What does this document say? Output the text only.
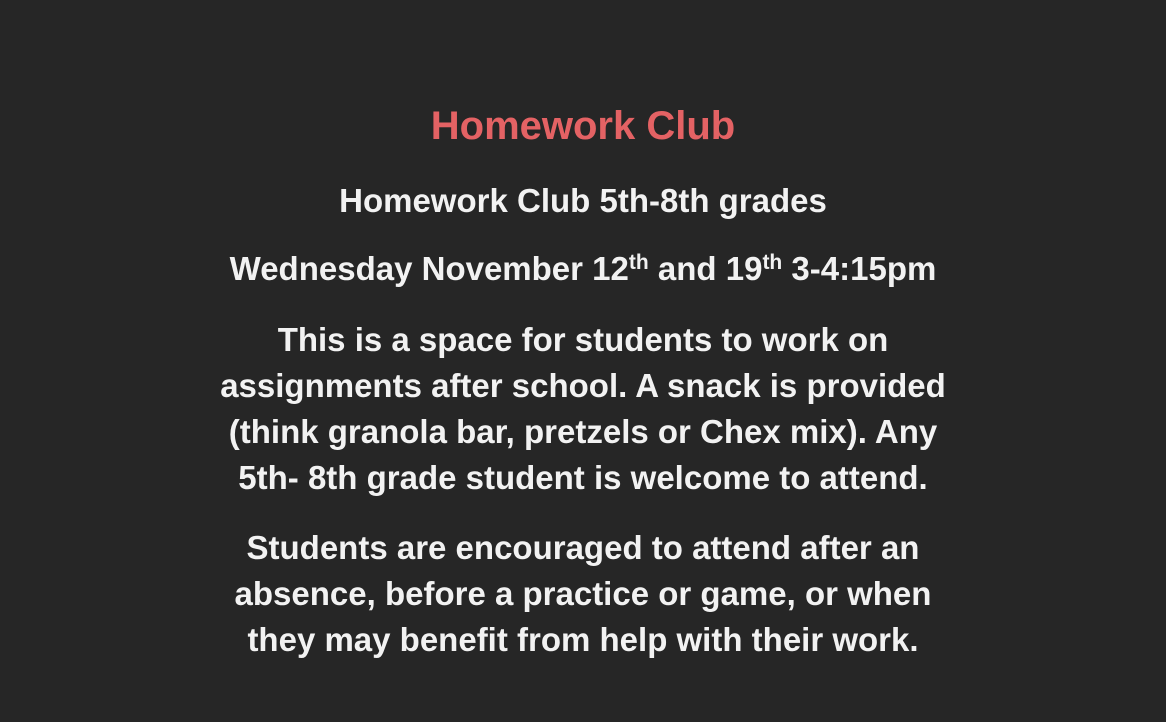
Homework Club
Homework Club 5th-8th grades
Wednesday November 12th and 19th 3-4:15pm
This is a space for students to work on
assignments after school. A snack is provided
(think granola bar, pretzels or Chex mix). Any
5th- 8th grade student is welcome to attend.
Students are encouraged to attend after an
absence, before a practice or game, or when
they may benefit from help with their work.
